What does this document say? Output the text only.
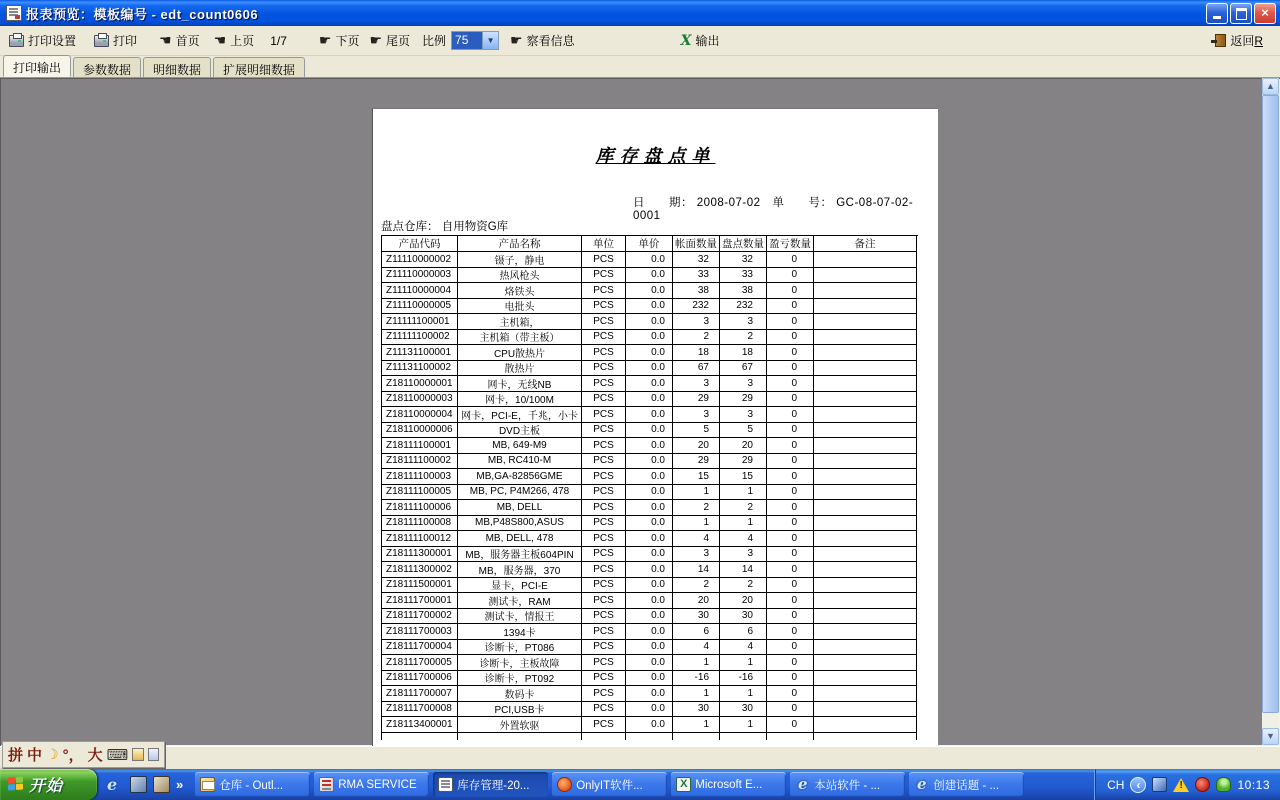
报表预览：模板编号 - edt_count0606	×
打印设置	打印 ☚ 首页 ☚ 上页 1/7 ☛ 下页 ☛ 尾页 比例 75	▼ ☛ 察看信息	X 输出	返回R
打印输出	参数数据	明细数据	扩展明细数据
库存盘点单
日　　期： 2008-07-02　单　　号： GC-08-07-02-0001
盘点仓库： 自用物资G库
产品代码	产品名称	单位	单价	帐面数量 盘点数量 盈亏数量	备注
Z11110000002	镊子，静电	PCS	0.0	32	32	0
Z11110000003	热风枪头	PCS	0.0	33	33	0
Z11110000004	烙铁头	PCS	0.0	38	38	0
Z11110000005	电批头	PCS	0.0	232	232	0
Z11111100001	主机箱，	PCS	0.0	3	3	0
Z11111100002	主机箱（带主板）	PCS	0.0	2	2	0
Z11131100001	CPU散热片	PCS	0.0	18	18	0
Z11131100002	散热片	PCS	0.0	67	67	0
Z18110000001	网卡，无线NB	PCS	0.0	3	3	0
Z18110000003	网卡，10/100M	PCS	0.0	29	29	0
Z18110000004 网卡，PCI-E，千兆，小卡	PCS	0.0	3	3	0
Z18110000006	DVD主板	PCS	0.0	5	5	0
Z18111100001	MB, 649-M9	PCS	0.0	20	20	0
Z18111100002	MB, RC410-M	PCS	0.0	29	29	0
Z18111100003	MB,GA-82856GME	PCS	0.0	15	15	0
Z18111100005	MB, PC, P4M266, 478	PCS	0.0	1	1	0
Z18111100006	MB, DELL	PCS	0.0	2	2	0
Z18111100008	MB,P48S800,ASUS	PCS	0.0	1	1	0
Z18111100012	MB, DELL, 478	PCS	0.0	4	4	0
Z18111300001	MB，服务器主板604PIN	PCS	0.0	3	3	0
Z18111300002	MB，服务器，370	PCS	0.0	14	14	0
Z18111500001	显卡，PCI-E	PCS	0.0	2	2	0
Z18111700001	测试卡，RAM	PCS	0.0	20	20	0
Z18111700002	测试卡，情报王	PCS	0.0	30	30	0
Z18111700003	1394卡	PCS	0.0	6	6	0
Z18111700004	诊断卡，PT086	PCS	0.0	4	4	0
Z18111700005	诊断卡，主板故障	PCS	0.0	1	1	0
Z18111700006	诊断卡，PT092	PCS	0.0	-16	-16	0
Z18111700007	数码卡	PCS	0.0	1	1	0
Z18111700008	PCI,USB卡	PCS	0.0	30	30	0
Z18113400001	外置软驱	PCS	0.0	1	1	0
▲
▼
拼 中 ☽ °， 大 ⌨
开始	e	»	仓库 - Outl...	RMA SERVICE	库存管理-20...	OnlyIT软件...	X Microsoft E... e 本站软件 - ... e 创建话题 - ...	CH	‹ !	10:13
